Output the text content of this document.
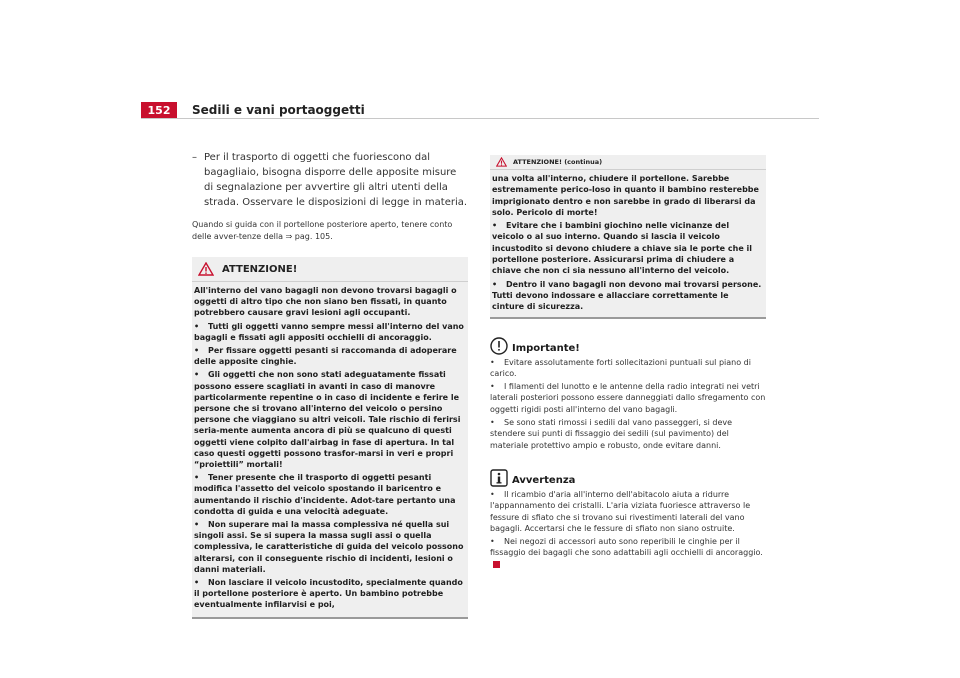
152	Sedili e vani portaoggetti
– Per il trasporto di oggetti che fuoriescono dal bagagliaio, bisogna disporre delle apposite misure di segnalazione per avvertire gli altri utenti della strada. Osservare le disposizioni di legge in materia.
Quando si guida con il portellone posteriore aperto, tenere conto delle avver-tenze della ⇒ pag. 105.
ATTENZIONE!

All'interno del vano bagagli non devono trovarsi bagagli o oggetti di altro tipo che non siano ben fissati, in quanto potrebbero causare gravi lesioni agli occupanti.

• Tutti gli oggetti vanno sempre messi all'interno del vano bagagli e fissati agli appositi occhielli di ancoraggio.

• Per fissare oggetti pesanti si raccomanda di adoperare delle apposite cinghie.

• Gli oggetti che non sono stati adeguatamente fissati possono essere scagliati in avanti in caso di manovre particolarmente repentine o in caso di incidente e ferire le persone che si trovano all'interno del veicolo o persino persone che viaggiano su altri veicoli. Tale rischio di ferirsi seria-mente aumenta ancora di più se qualcuno di questi oggetti viene colpito dall'airbag in fase di apertura. In tal caso questi oggetti possono trasfor-marsi in veri e propri “proiettili” mortali!

• Tener presente che il trasporto di oggetti pesanti modifica l'assetto del veicolo spostando il baricentro e aumentando il rischio d'incidente. Adot-tare pertanto una condotta di guida e una velocità adeguate.

• Non superare mai la massa complessiva né quella sui singoli assi. Se si supera la massa sugli assi o quella complessiva, le caratteristiche di guida del veicolo possono alterarsi, con il conseguente rischio di incidenti, lesioni o danni materiali.

• Non lasciare il veicolo incustodito, specialmente quando il portellone posteriore è aperto. Un bambino potrebbe eventualmente infilarvisi e poi,

ATTENZIONE! (continua)

una volta all'interno, chiudere il portellone. Sarebbe estremamente perico-loso in quanto il bambino resterebbe imprigionato dentro e non sarebbe in grado di liberarsi da solo. Pericolo di morte!

• Evitare che i bambini giochino nelle vicinanze del veicolo o al suo interno. Quando si lascia il veicolo incustodito si devono chiudere a chiave sia le porte che il portellone posteriore. Assicurarsi prima di chiudere a chiave che non ci sia nessuno all'interno del veicolo.

• Dentro il vano bagagli non devono mai trovarsi persone. Tutti devono indossare e allacciare correttamente le cinture di sicurezza.

Importante!

• Evitare assolutamente forti sollecitazioni puntuali sul piano di carico.

• I filamenti del lunotto e le antenne della radio integrati nei vetri laterali posteriori possono essere danneggiati dallo sfregamento con oggetti rigidi posti all'interno del vano bagagli.

• Se sono stati rimossi i sedili dal vano passeggeri, si deve stendere sui punti di fissaggio dei sedili (sul pavimento) del materiale protettivo ampio e robusto, onde evitare danni.

Avvertenza

• Il ricambio d'aria all'interno dell'abitacolo aiuta a ridurre l'appannamento dei cristalli. L'aria viziata fuoriesce attraverso le fessure di sfiato che si trovano sui rivestimenti laterali del vano bagagli. Accertarsi che le fessure di sfiato non siano ostruite.

• Nei negozi di accessori auto sono reperibili le cinghie per il fissaggio dei bagagli che sono adattabili agli occhielli di ancoraggio.
